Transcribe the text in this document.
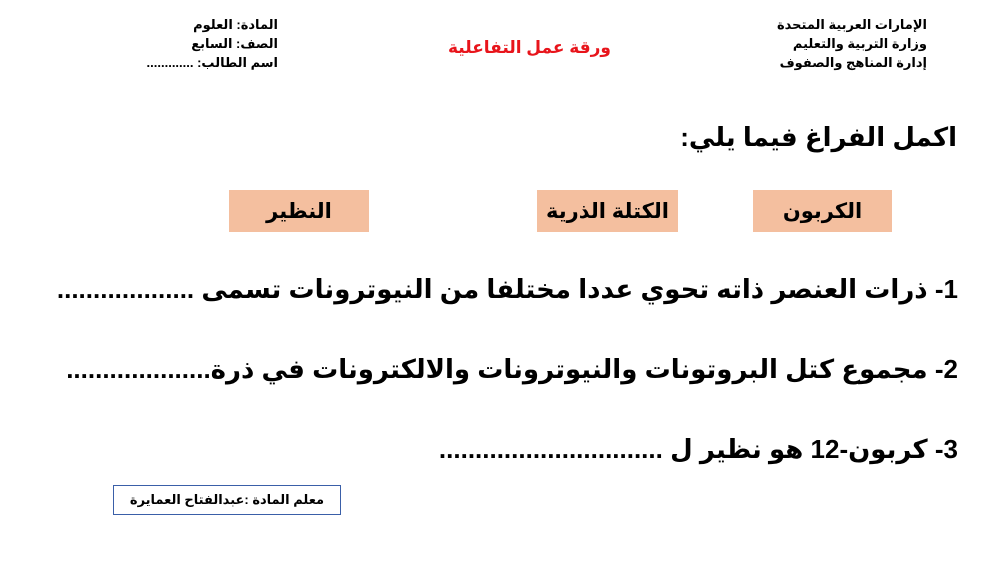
الإمارات العربية المتحدة
وزارة التربية والتعليم
إدارة المناهج والصفوف
المادة: العلوم
الصف: السابع
اسم الطالب: .............
ورقة عمل التفاعلية
اكمل الفراغ فيما يلي:
الكربون
الكتلة الذرية
النظير
1- ذرات العنصر ذاته تحوي عددا مختلفا من النيوترونات تسمى ...................
2- مجموع كتل البروتونات والنيوترونات والالكترونات في ذرة....................
3- كربون-12 هو نظير ل ...............................
معلم المادة :عبدالفتاح العمايرة
